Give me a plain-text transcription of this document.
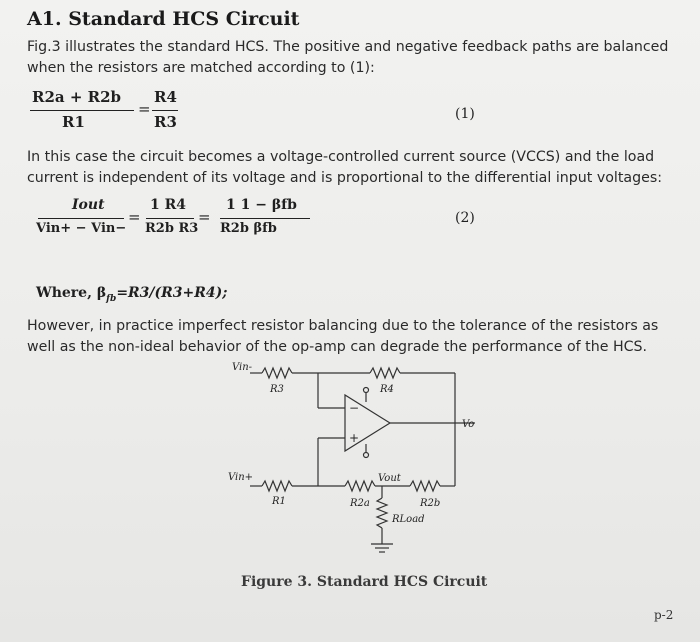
A1. Standard HCS Circuit
Fig.3 illustrates the standard HCS. The positive and negative feedback paths are balanced
when the resistors are matched according to (1):
R2a + R2b
R1
=
R4
R3	(1)
In this case the circuit becomes a voltage-controlled current source (VCCS) and the load
current is independent of its voltage and is proportional to the differential input voltages:
Iout
Vin+ − Vin−
=
1 R4
R2b R3
=
1 1 − βfb
R2b βfb
(2)
Where, $\beta_{fb}=R3/(R3+R4)$;
However, in practice imperfect resistor balancing due to the tolerance of the resistors as
well as the non-ideal behavior of the op-amp can degrade the performance of the HCS.
Vin-
R3	R4
Vo
Vin+
R1	R2a
Vout
R2b
RLoad
−
+
Figure 3. Standard HCS Circuit
p-2
